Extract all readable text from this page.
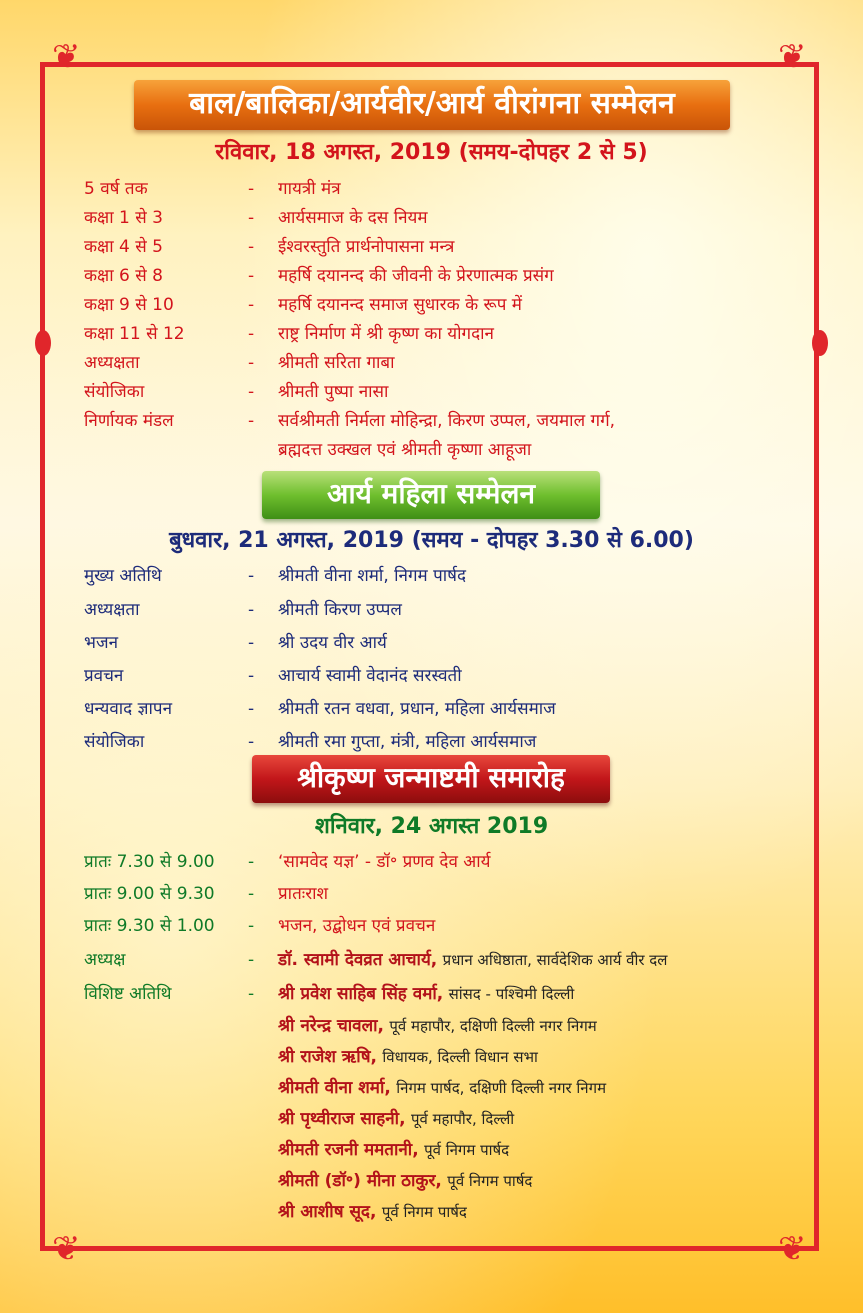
❦	❦
❦	❦
बाल/बालिका/आर्यवीर/आर्य वीरांगना सम्मेलन
रविवार, 18 अगस्त, 2019 (समय-दोपहर 2 से 5)
5 वर्ष तक	- गायत्री मंत्र
कक्षा 1 से 3	- आर्यसमाज के दस नियम
कक्षा 4 से 5	- ईश्वरस्तुति प्रार्थनोपासना मन्त्र
कक्षा 6 से 8	- महर्षि दयानन्द की जीवनी के प्रेरणात्मक प्रसंग
कक्षा 9 से 10	- महर्षि दयानन्द समाज सुधारक के रूप में
कक्षा 11 से 12	- राष्ट्र निर्माण में श्री कृष्ण का योगदान
अध्यक्षता	- श्रीमती सरिता गाबा
संयोजिका	- श्रीमती पुष्पा नासा
निर्णायक मंडल	- सर्वश्रीमती निर्मला मोहिन्द्रा, किरण उप्पल, जयमाल गर्ग,
ब्रह्मदत्त उक्खल एवं श्रीमती कृष्णा आहूजा
आर्य महिला सम्मेलन
बुधवार, 21 अगस्त, 2019 (समय - दोपहर 3.30 से 6.00)
मुख्य अतिथि	- श्रीमती वीना शर्मा, निगम पार्षद
अध्यक्षता	- श्रीमती किरण उप्पल
भजन	- श्री उदय वीर आर्य
प्रवचन	- आचार्य स्वामी वेदानंद सरस्वती
धन्यवाद ज्ञापन	- श्रीमती रतन वधवा, प्रधान, महिला आर्यसमाज
संयोजिका	- श्रीमती रमा गुप्ता, मंत्री, महिला आर्यसमाज
श्रीकृष्ण जन्माष्टमी समारोह
शनिवार, 24 अगस्त 2019
प्रातः 7.30 से 9.00 - ‘सामवेद यज्ञ’ - डॉ॰ प्रणव देव आर्य
प्रातः 9.00 से 9.30 - प्रातःराश
प्रातः 9.30 से 1.00 - भजन, उद्बोधन एवं प्रवचन
अध्यक्ष	- डॉ. स्वामी देवव्रत आचार्य, प्रधान अधिष्ठाता, सार्वदेशिक आर्य वीर दल
विशिष्ट अतिथि	- श्री प्रवेश साहिब सिंह वर्मा, सांसद - पश्चिमी दिल्ली
श्री नरेन्द्र चावला, पूर्व महापौर, दक्षिणी दिल्ली नगर निगम
श्री राजेश ऋषि, विधायक, दिल्ली विधान सभा
श्रीमती वीना शर्मा, निगम पार्षद, दक्षिणी दिल्ली नगर निगम
श्री पृथ्वीराज साहनी, पूर्व महापौर, दिल्ली
श्रीमती रजनी ममतानी, पूर्व निगम पार्षद
श्रीमती (डॉ॰) मीना ठाकुर, पूर्व निगम पार्षद
श्री आशीष सूद, पूर्व निगम पार्षद
